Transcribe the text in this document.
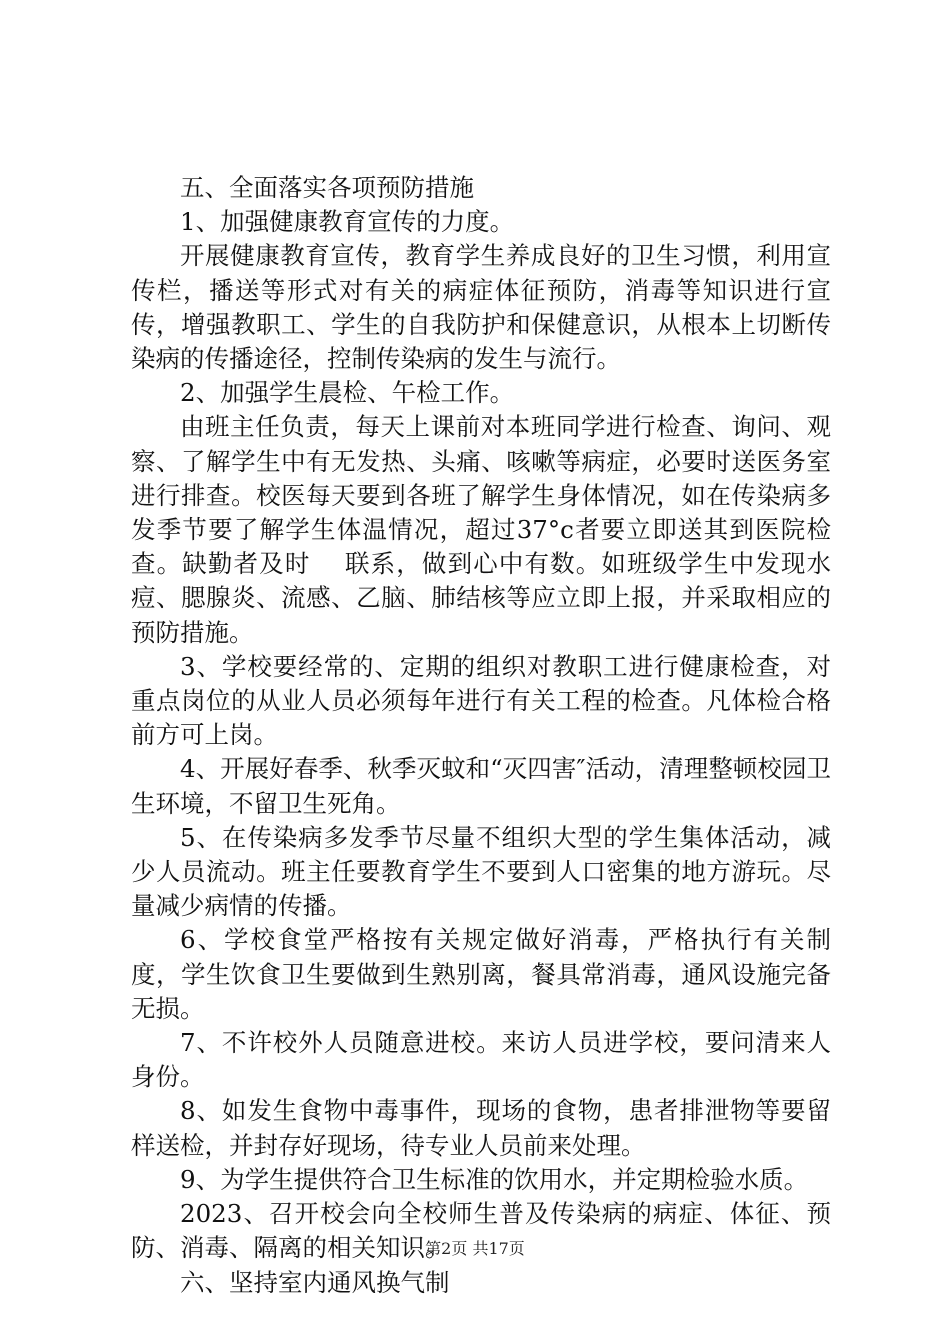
五、全面落实各项预防措施

1、加强健康教育宣传的力度。

开展健康教育宣传，教育学生养成良好的卫生习惯，利用宣传栏，播送等形式对有关的病症体征预防，消毒等知识进行宣传，增强教职工、学生的自我防护和保健意识，从根本上切断传染病的传播途径，控制传染病的发生与流行。

2、加强学生晨检、午检工作。

由班主任负责，每天上课前对本班同学进行检查、询问、观察、了解学生中有无发热、头痛、咳嗽等病症，必要时送医务室进行排查。校医每天要到各班了解学生身体情况，如在传染病多发季节要了解学生体温情况，超过37°c者要立即送其到医院检查。缺勤者及时　 联系，做到心中有数。如班级学生中发现水痘、腮腺炎、流感、乙脑、肺结核等应立即上报，并采取相应的预防措施。

3、学校要经常的、定期的组织对教职工进行健康检查，对重点岗位的从业人员必须每年进行有关工程的检查。凡体检合格前方可上岗。

4、开展好春季、秋季灭蚊和“灭四害″活动，清理整顿校园卫生环境，不留卫生死角。

5、在传染病多发季节尽量不组织大型的学生集体活动，减少人员流动。班主任要教育学生不要到人口密集的地方游玩。尽量减少病情的传播。

6、学校食堂严格按有关规定做好消毒，严格执行有关制度，学生饮食卫生要做到生熟别离，餐具常消毒，通风设施完备无损。

7、不许校外人员随意进校。来访人员进学校，要问清来人身份。

8、如发生食物中毒事件，现场的食物，患者排泄物等要留样送检，并封存好现场，待专业人员前来处理。

9、为学生提供符合卫生标准的饮用水，并定期检验水质。

2023、召开校会向全校师生普及传染病的病症、体征、预防、消毒、隔离的相关知识。

六、坚持室内通风换气制

第2页 共17页
